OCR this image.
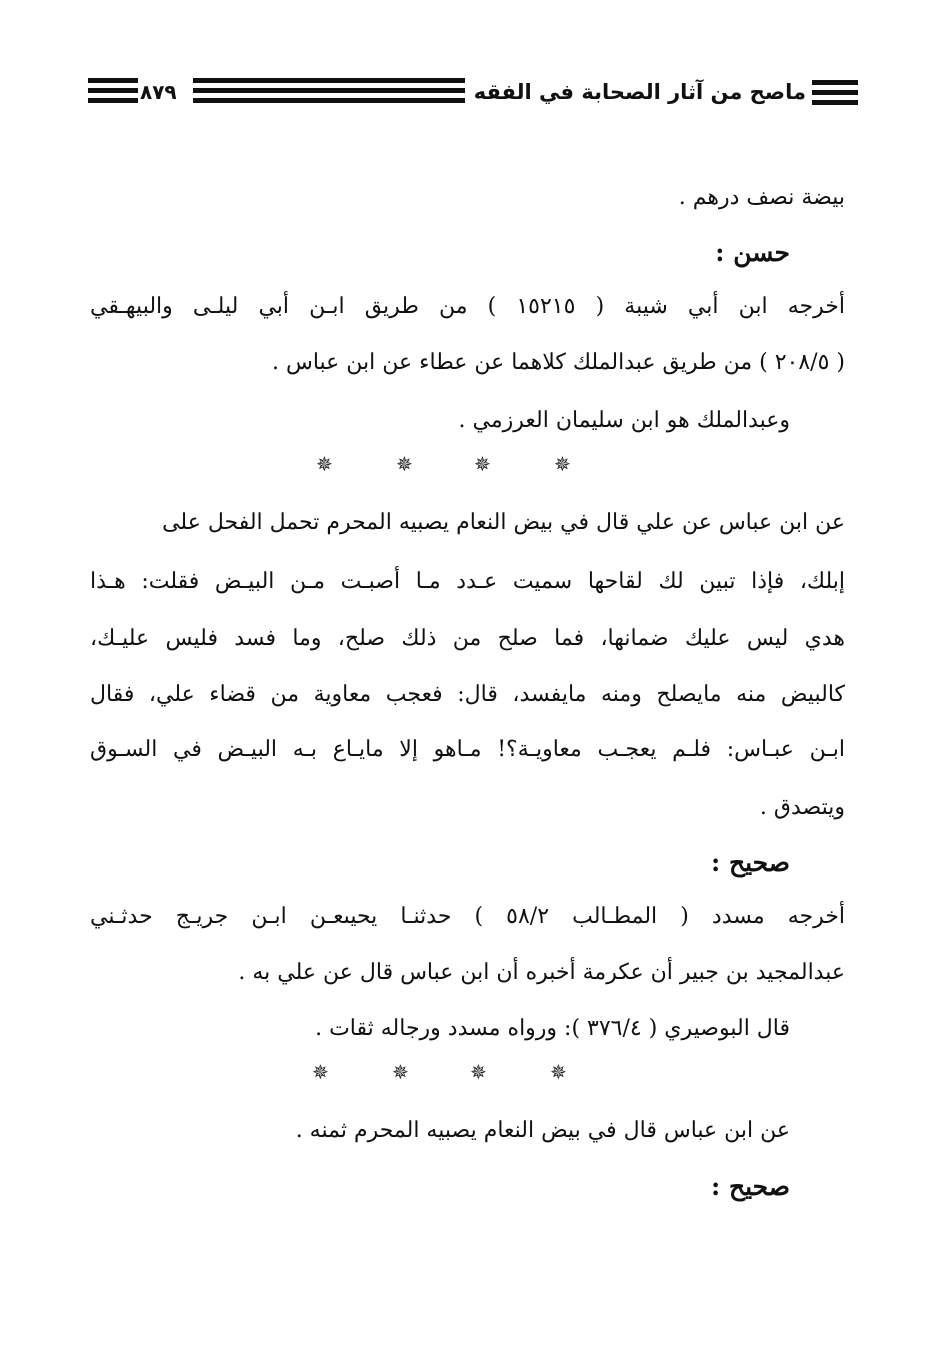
٨٧٩	ماصح من آثار الصحابة في الفقه
بيضة نصف درهم .
حسن :
أخرجه ابن أبي شيبة ( ١٥٢١٥ ) من طريق ابـن أبي ليلـى والبيهـقي
( ٢٠٨/٥ ) من طريق عبدالملك كلاهما عن عطاء عن ابن عباس .
وعبدالملك هو ابن سليمان العرزمي .
✵	✵	✵	✵
عن ابن عباس عن علي قال في بيض النعام يصبيه المحرم تحمل الفحل على
إبلك، فإذا تبين لك لقاحها سميت عـدد مـا أصبـت مـن البيـض فقلت: هـذا
هدي ليس عليك ضمانها، فما صلح من ذلك صلح، وما فسد فليس عليـك،
كالبيض منه مايصلح ومنه مايفسد، قال: فعجب معاوية من قضاء علي، فقال
ابـن عبـاس: فلـم يعجـب معاويـة؟! مـاهو إلا مايـاع بـه البيـض في السـوق
ويتصدق .
صحيح :
أخرجه مسدد ( المطـالب ٥٨/٢ ) حدثنـا يحيىعـن ابـن جريـج حدثـني
عبدالمجيد بن جبير أن عكرمة أخبره أن ابن عباس قال عن علي به .
قال البوصيري ( ٣٧٦/٤ ): ورواه مسدد ورجاله ثقات .
✵	✵	✵	✵
عن ابن عباس قال في بيض النعام يصبيه المحرم ثمنه .
صحيح :
